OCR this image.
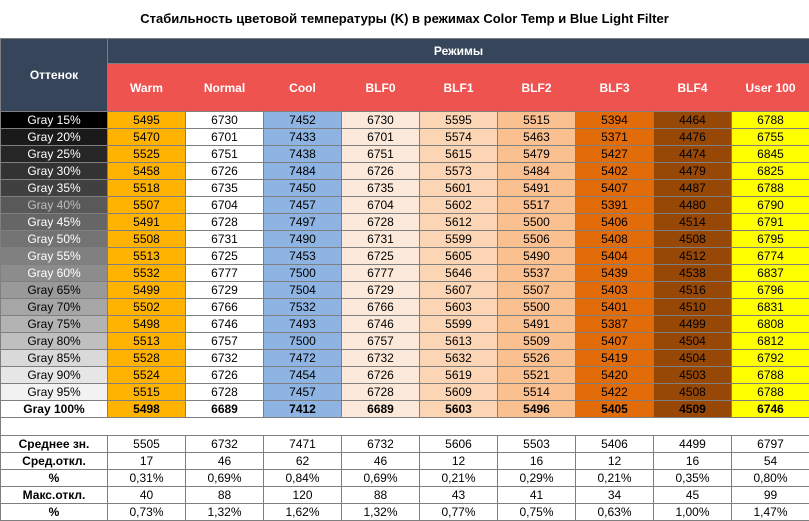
Стабильность цветовой температуры (K) в режимах Color Temp и Blue Light Filter
Оттенок	Режимы								
	Warm	Normal	Cool	BLF0	BLF1	BLF2	BLF3	BLF4	User 100
Gray 15%	5495	6730	7452	6730	5595	5515	5394	4464	6788
Gray 20%	5470	6701	7433	6701	5574	5463	5371	4476	6755
Gray 25%	5525	6751	7438	6751	5615	5479	5427	4474	6845
Gray 30%	5458	6726	7484	6726	5573	5484	5402	4479	6825
Gray 35%	5518	6735	7450	6735	5601	5491	5407	4487	6788
Gray 40%	5507	6704	7457	6704	5602	5517	5391	4480	6790
Gray 45%	5491	6728	7497	6728	5612	5500	5406	4514	6791
Gray 50%	5508	6731	7490	6731	5599	5506	5408	4508	6795
Gray 55%	5513	6725	7453	6725	5605	5490	5404	4512	6774
Gray 60%	5532	6777	7500	6777	5646	5537	5439	4538	6837
Gray 65%	5499	6729	7504	6729	5607	5507	5403	4516	6796
Gray 70%	5502	6766	7532	6766	5603	5500	5401	4510	6831
Gray 75%	5498	6746	7493	6746	5599	5491	5387	4499	6808
Gray 80%	5513	6757	7500	6757	5613	5509	5407	4504	6812
Gray 85%	5528	6732	7472	6732	5632	5526	5419	4504	6792
Gray 90%	5524	6726	7454	6726	5619	5521	5420	4503	6788
Gray 95%	5515	6728	7457	6728	5609	5514	5422	4508	6788
Gray 100%	5498	6689	7412	6689	5603	5496	5405	4509	6746

Среднее зн.	5505	6732	7471	6732	5606	5503	5406	4499	6797
Сред.откл.	17	46	62	46	12	16	12	16	54
%	0,31%	0,69%	0,84%	0,69%	0,21%	0,29%	0,21%	0,35%	0,80%
Макс.откл.	40	88	120	88	43	41	34	45	99
%	0,73%	1,32%	1,62%	1,32%	0,77%	0,75%	0,63%	1,00%	1,47%
